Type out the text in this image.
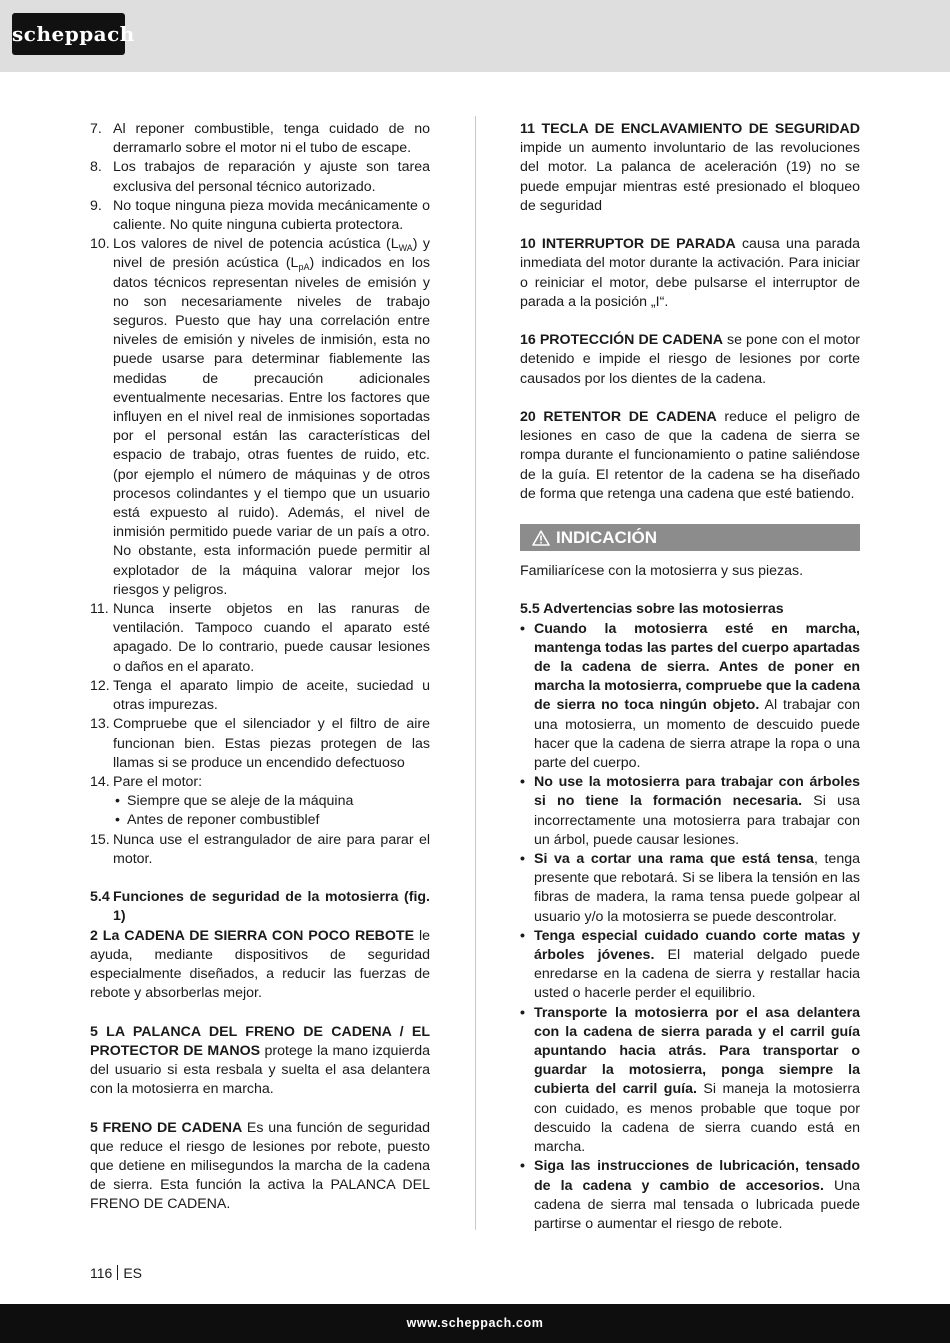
scheppach
7. Al reponer combustible, tenga cuidado de no derramarlo sobre el motor ni el tubo de escape.
8. Los trabajos de reparación y ajuste son tarea exclusiva del personal técnico autorizado.
9. No toque ninguna pieza movida mecánicamente o caliente. No quite ninguna cubierta protectora.
10. Los valores de nivel de potencia acústica $(L_{WA})$ y nivel de presión acústica $(L_{pA})$ indicados en los datos técnicos representan niveles de emisión y no son necesariamente niveles de trabajo seguros. Puesto que hay una correlación entre niveles de emisión y niveles de inmisión, esta no puede usarse para determinar fiablemente las medidas de precaución adicionales eventualmente necesarias. Entre los factores que influyen en el nivel real de inmisiones soportadas por el personal están las características del espacio de trabajo, otras fuentes de ruido, etc. (por ejemplo el número de máquinas y de otros procesos colindantes y el tiempo que un usuario está expuesto al ruido). Además, el nivel de inmisión permitido puede variar de un país a otro. No obstante, esta información puede permitir al explotador de la máquina valorar mejor los riesgos y peligros.
11. Nunca inserte objetos en las ranuras de ventilación. Tampoco cuando el aparato esté apagado. De lo contrario, puede causar lesiones o daños en el aparato.
12. Tenga el aparato limpio de aceite, suciedad u otras impurezas.
13. Compruebe que el silenciador y el filtro de aire funcionan bien. Estas piezas protegen de las llamas si se produce un encendido defectuoso
14. Pare el motor:
• Siempre que se aleje de la máquina
• Antes de reponer combustiblef
15. Nunca use el estrangulador de aire para parar el motor.
5.4 Funciones de seguridad de la motosierra (fig. 1)

2 La CADENA DE SIERRA CON POCO REBOTE le ayuda, mediante dispositivos de seguridad especialmente diseñados, a reducir las fuerzas de rebote y absorberlas mejor.

5 LA PALANCA DEL FRENO DE CADENA / EL PROTECTOR DE MANOS protege la mano izquierda del usuario si esta resbala y suelta el asa delantera con la motosierra en marcha.

5 FRENO DE CADENA Es una función de seguridad que reduce el riesgo de lesiones por rebote, puesto que detiene en milisegundos la marcha de la cadena de sierra. Esta función la activa la PALANCA DEL FRENO DE CADENA.

11 TECLA DE ENCLAVAMIENTO DE SEGURIDAD impide un aumento involuntario de las revoluciones del motor. La palanca de aceleración (19) no se puede empujar mientras esté presionado el bloqueo de seguridad

10 INTERRUPTOR DE PARADA causa una parada inmediata del motor durante la activación. Para iniciar o reiniciar el motor, debe pulsarse el interruptor de parada a la posición „I“.

16 PROTECCIÓN DE CADENA se pone con el motor detenido e impide el riesgo de lesiones por corte causados por los dientes de la cadena.

20 RETENTOR DE CADENA reduce el peligro de lesiones en caso de que la cadena de sierra se rompa durante el funcionamiento o patine saliéndose de la guía. El retentor de la cadena se ha diseñado de forma que retenga una cadena que esté batiendo.

INDICACIÓN

Familiarícese con la motosierra y sus piezas.

5.5 Advertencias sobre las motosierras
• Cuando la motosierra esté en marcha, mantenga todas las partes del cuerpo apartadas de la cadena de sierra. Antes de poner en marcha la motosierra, compruebe que la cadena de sierra no toca ningún objeto. Al trabajar con una motosierra, un momento de descuido puede hacer que la cadena de sierra atrape la ropa o una parte del cuerpo.
• No use la motosierra para trabajar con árboles si no tiene la formación necesaria. Si usa incorrectamente una motosierra para trabajar con un árbol, puede causar lesiones.
• Si va a cortar una rama que está tensa, tenga presente que rebotará. Si se libera la tensión en las fibras de madera, la rama tensa puede golpear al usuario y/o la motosierra se puede descontrolar.
• Tenga especial cuidado cuando corte matas y árboles jóvenes. El material delgado puede enredarse en la cadena de sierra y restallar hacia usted o hacerle perder el equilibrio.
• Transporte la motosierra por el asa delantera con la cadena de sierra parada y el carril guía apuntando hacia atrás. Para transportar o guardar la motosierra, ponga siempre la cubierta del carril guía. Si maneja la motosierra con cuidado, es menos probable que toque por descuido la cadena de sierra cuando está en marcha.
• Siga las instrucciones de lubricación, tensado de la cadena y cambio de accesorios. Una cadena de sierra mal tensada o lubricada puede partirse o aumentar el riesgo de rebote.
116 ES
www.scheppach.com
